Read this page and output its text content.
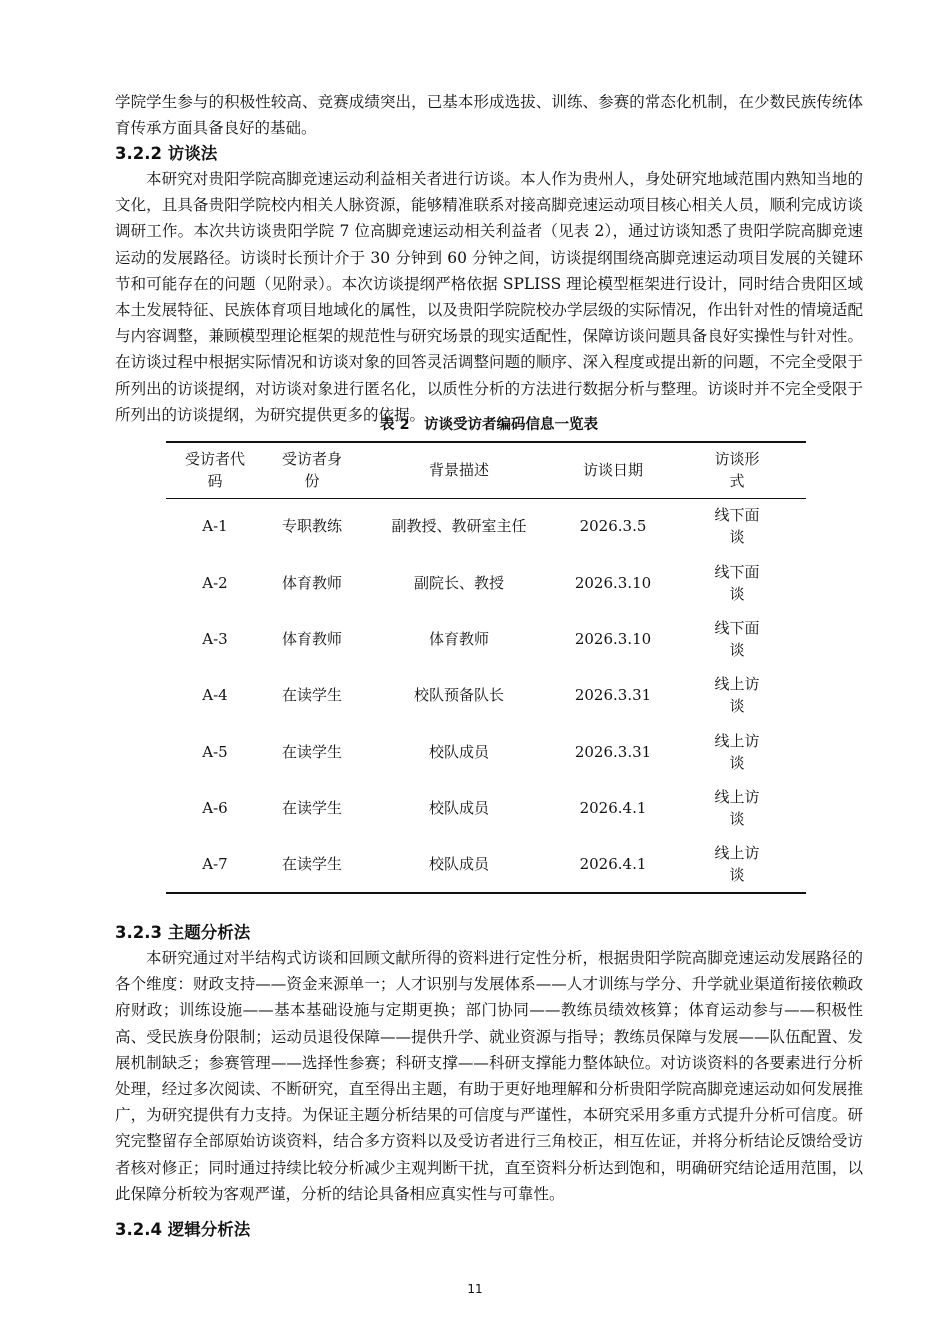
学院学生参与的积极性较高、竞赛成绩突出，已基本形成选拔、训练、参赛的常态化机制，在少数民族传统体育传承方面具备良好的基础。

3.2.2 访谈法

本研究对贵阳学院高脚竞速运动利益相关者进行访谈。本人作为贵州人，身处研究地域范围内熟知当地的文化，且具备贵阳学院校内相关人脉资源，能够精准联系对接高脚竞速运动项目核心相关人员，顺利完成访谈调研工作。本次共访谈贵阳学院 7 位高脚竞速运动相关利益者（见表 2），通过访谈知悉了贵阳学院高脚竞速运动的发展路径。访谈时长预计介于 30 分钟到 60 分钟之间，访谈提纲围绕高脚竞速运动项目发展的关键环节和可能存在的问题（见附录）。本次访谈提纲严格依据 SPLISS 理论模型框架进行设计，同时结合贵阳区域本土发展特征、民族体育项目地域化的属性，以及贵阳学院院校办学层级的实际情况，作出针对性的情境适配与内容调整，兼顾模型理论框架的规范性与研究场景的现实适配性，保障访谈问题具备良好实操性与针对性。在访谈过程中根据实际情况和访谈对象的回答灵活调整问题的顺序、深入程度或提出新的问题，不完全受限于所列出的访谈提纲，对访谈对象进行匿名化，以质性分析的方法进行数据分析与整理。访谈时并不完全受限于所列出的访谈提纲，为研究提供更多的依据。

表 2　访谈受访者编码信息一览表

受访者代码	受访者身份	背景描述	访谈日期	访谈形式
A-1	专职教练	副教授、教研室主任	2026.3.5	线下面谈
A-2	体育教师	副院长、教授	2026.3.10	线下面谈
A-3	体育教师	体育教师	2026.3.10	线下面谈
A-4	在读学生	校队预备队长	2026.3.31	线上访谈
A-5	在读学生	校队成员	2026.3.31	线上访谈
A-6	在读学生	校队成员	2026.4.1	线上访谈
A-7	在读学生	校队成员	2026.4.1	线上访谈
3.2.3 主题分析法

本研究通过对半结构式访谈和回顾文献所得的资料进行定性分析，根据贵阳学院高脚竞速运动发展路径的各个维度：财政支持——资金来源单一；人才识别与发展体系——人才训练与学分、升学就业渠道衔接依赖政府财政；训练设施——基本基础设施与定期更换；部门协同——教练员绩效核算；体育运动参与——积极性高、受民族身份限制；运动员退役保障——提供升学、就业资源与指导；教练员保障与发展——队伍配置、发展机制缺乏；参赛管理——选择性参赛；科研支撑——科研支撑能力整体缺位。对访谈资料的各要素进行分析处理，经过多次阅读、不断研究，直至得出主题，有助于更好地理解和分析贵阳学院高脚竞速运动如何发展推广，为研究提供有力支持。为保证主题分析结果的可信度与严谨性，本研究采用多重方式提升分析可信度。研究完整留存全部原始访谈资料，结合多方资料以及受访者进行三角校正，相互佐证，并将分析结论反馈给受访者核对修正；同时通过持续比较分析减少主观判断干扰，直至资料分析达到饱和，明确研究结论适用范围，以此保障分析较为客观严谨，分析的结论具备相应真实性与可靠性。

3.2.4 逻辑分析法
11
